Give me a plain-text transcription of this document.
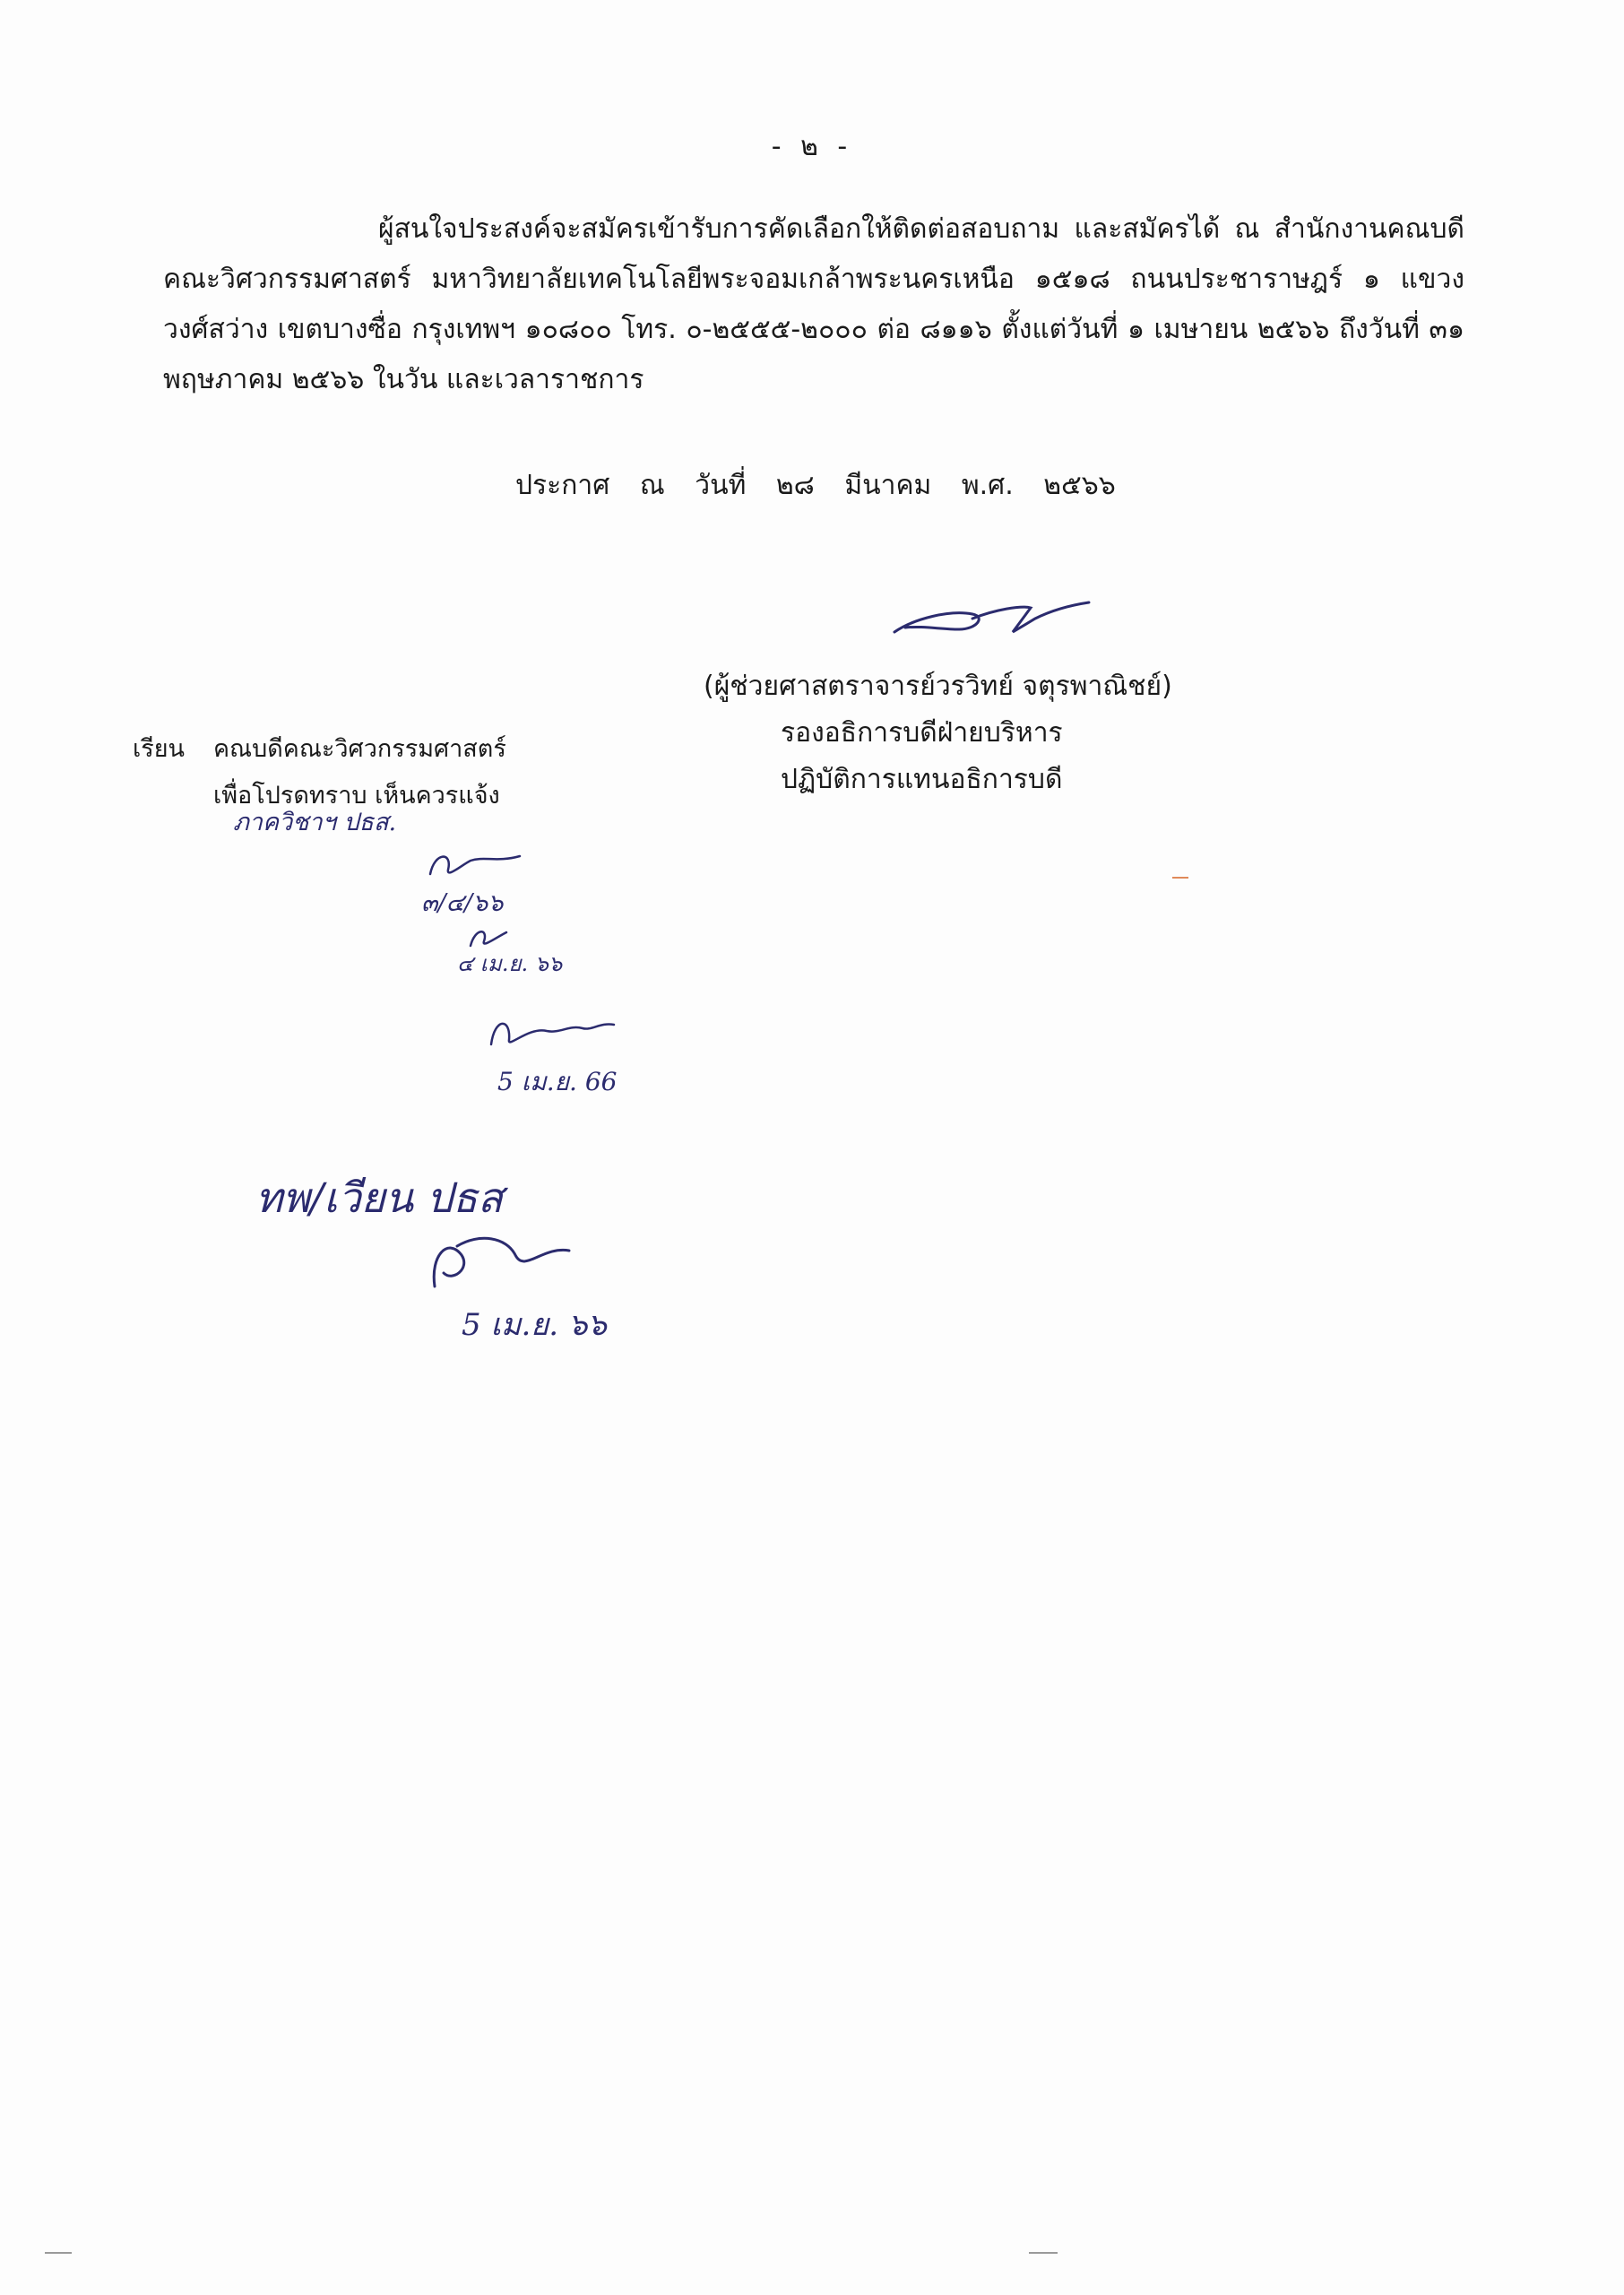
- ๒ -

ผู้สนใจประสงค์จะสมัครเข้ารับการคัดเลือกให้ติดต่อสอบถาม และสมัครได้ ณ สำนักงานคณบดี คณะวิศวกรรมศาสตร์ มหาวิทยาลัยเทคโนโลยีพระจอมเกล้าพระนครเหนือ ๑๕๑๘ ถนนประชาราษฎร์ ๑ แขวงวงศ์สว่าง เขตบางซื่อ กรุงเทพฯ ๑๐๘๐๐ โทร. ๐-๒๕๕๕-๒๐๐๐ ต่อ ๘๑๑๖ ตั้งแต่วันที่ ๑ เมษายน ๒๕๖๖ ถึงวันที่ ๓๑ พฤษภาคม ๒๕๖๖ ในวัน และเวลาราชการ

ประกาศ ณ วันที่ ๒๘ มีนาคม พ.ศ. ๒๕๖๖
(ผู้ช่วยศาสตราจารย์วรวิทย์ จตุรพาณิชย์)
รองอธิการบดีฝ่ายบริหาร
ปฏิบัติการแทนอธิการบดี
เรียน คณบดีคณะวิศวกรรมศาสตร์
เพื่อโปรดทราบ เห็นควรแจ้ง
ภาควิชาฯ ปธส.
๓/๔/๖๖
๔ เม.ย. ๖๖
5 เม.ย. 66
ทพ/เวียน ปธส
5 เม.ย. ๖๖
